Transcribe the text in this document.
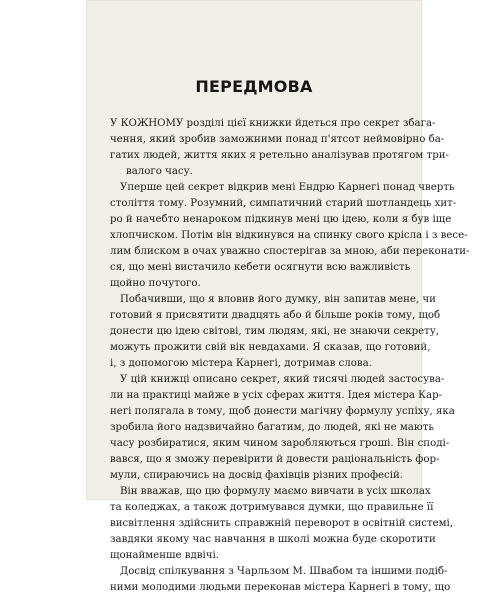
ПЕРЕДМОВА
У КОЖНОМУ розділі цієї книжки йдеться про секрет збага-
чення, який зробив заможними понад п'ятсот неймовірно ба-
гатих людей, життя яких я ретельно аналізував протягом три-
валого часу.
Уперше цей секрет відкрив мені Ендрю Карнегі понад чверть
століття тому. Розумний, симпатичний старий шотландець хит-
ро й начебто ненароком підкинув мені цю ідею, коли я був іще
хлопчиском. Потім він відкинувся на спинку свого крісла і з весе-
лим блиском в очах уважно спостерігав за мною, аби переконати-
ся, що мені вистачило кебети осягнути всю важливість
щойно почутого.
Побачивши, що я вловив його думку, він запитав мене, чи
готовий я присвятити двадцять або й більше років тому, щоб
донести цю ідею світові, тим людям, які, не знаючи секрету,
можуть прожити свій вік невдахами. Я сказав, що готовий,
і, з допомогою містера Карнегі, дотримав слова.
У цій книжці описано секрет, який тисячі людей застосува-
ли на практиці майже в усіх сферах життя. Ідея містера Кар-
негі полягала в тому, щоб донести магічну формулу успіху, яка
зробила його надзвичайно багатим, до людей, які не мають
часу розбиратися, яким чином заробляються гроші. Він сподi-
вався, що я зможу перевірити й довести раціональність фор-
мули, спираючись на досвід фахівців різних професій.
Він вважав, що цю формулу маємо вивчати в усіх школах
та коледжах, а також дотримувався думки, що правильне її
висвітлення здійснить справжній переворот в освітній системі,
завдяки якому час навчання в школі можна буде скоротити
щонайменше вдвічі.
Досвід спілкування з Чарльзом М. Швабом та іншими подіб-
ними молодими людьми переконав містера Карнегі в тому, що
